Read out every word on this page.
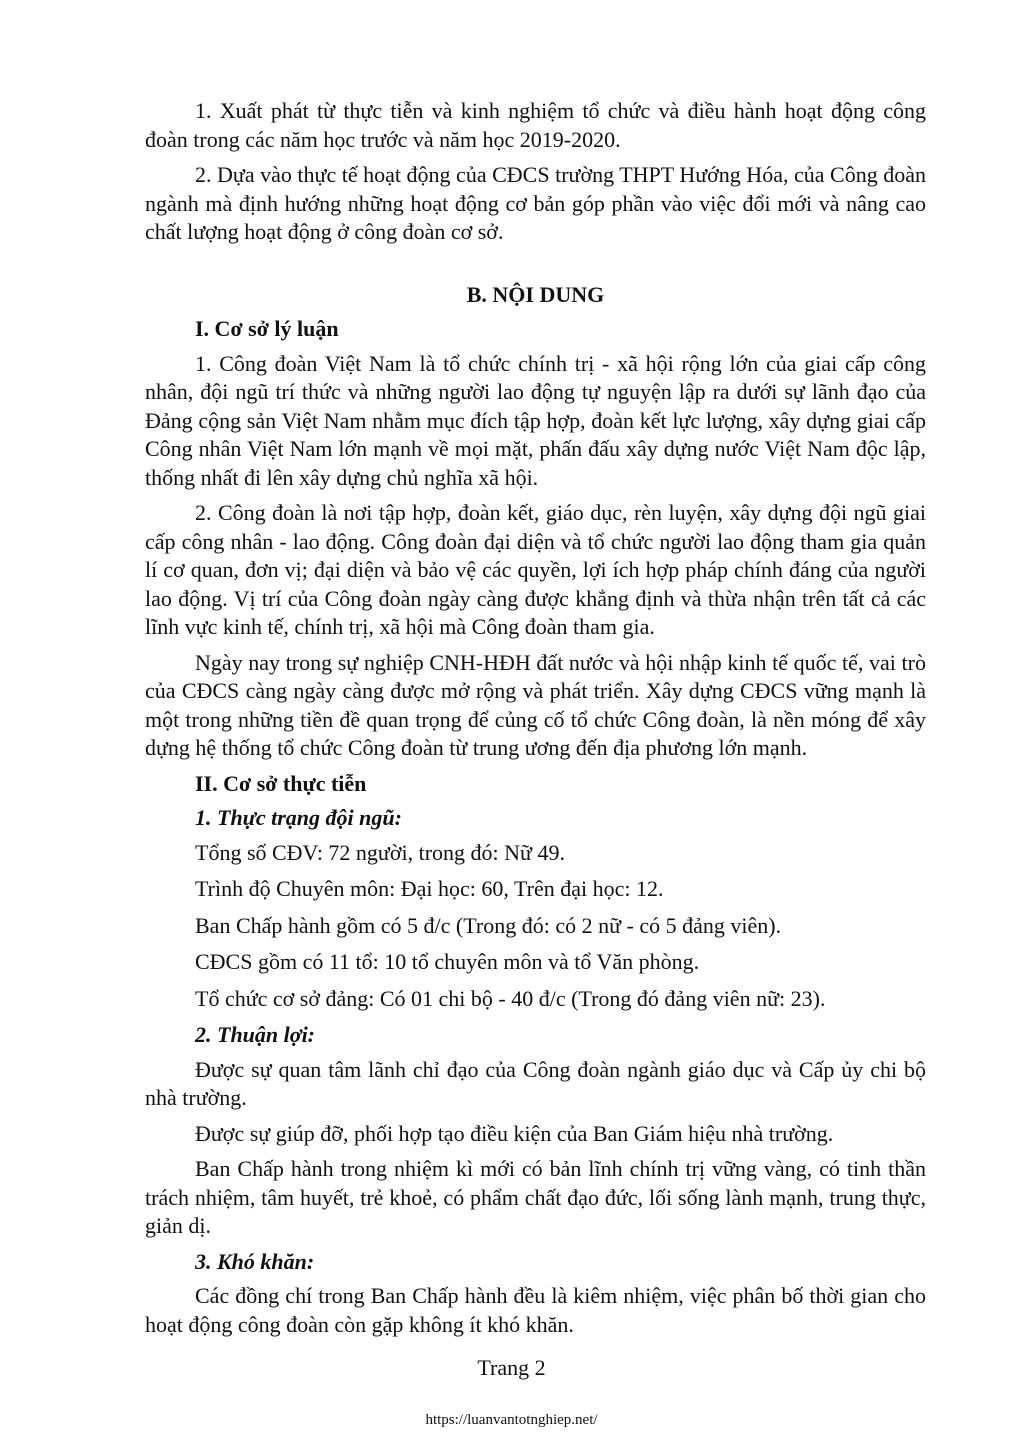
1. Xuất phát từ thực tiễn và kinh nghiệm tổ chức và điều hành hoạt động công đoàn trong các năm học trước và năm học 2019-2020.

2. Dựa vào thực tế hoạt động của CĐCS trường THPT Hướng Hóa, của Công đoàn ngành mà định hướng những hoạt động cơ bản góp phần vào việc đổi mới và nâng cao chất lượng hoạt động ở công đoàn cơ sở.

B. NỘI DUNG
I. Cơ sở lý luận

1. Công đoàn Việt Nam là tổ chức chính trị - xã hội rộng lớn của giai cấp công nhân, đội ngũ trí thức và những người lao động tự nguyện lập ra dưới sự lãnh đạo của Đảng cộng sản Việt Nam nhằm mục đích tập hợp, đoàn kết lực lượng, xây dựng giai cấp Công nhân Việt Nam lớn mạnh về mọi mặt, phấn đấu xây dựng nước Việt Nam độc lập, thống nhất đi lên xây dựng chủ nghĩa xã hội.

2. Công đoàn là nơi tập hợp, đoàn kết, giáo dục, rèn luyện, xây dựng đội ngũ giai cấp công nhân - lao động. Công đoàn đại diện và tổ chức người lao động tham gia quản lí cơ quan, đơn vị; đại diện và bảo vệ các quyền, lợi ích hợp pháp chính đáng của người lao động. Vị trí của Công đoàn ngày càng được khẳng định và thừa nhận trên tất cả các lĩnh vực kinh tế, chính trị, xã hội mà Công đoàn tham gia.

Ngày nay trong sự nghiệp CNH-HĐH đất nước và hội nhập kinh tế quốc tế, vai trò của CĐCS càng ngày càng được mở rộng và phát triển. Xây dựng CĐCS vững mạnh là một trong những tiền đề quan trọng để củng cố tổ chức Công đoàn, là nền móng để xây dựng hệ thống tổ chức Công đoàn từ trung ương đến địa phương lớn mạnh.

II. Cơ sở thực tiễn
1. Thực trạng đội ngũ:
Tổng số CĐV: 72 người, trong đó: Nữ 49.
Trình độ Chuyên môn: Đại học: 60, Trên đại học: 12.
Ban Chấp hành gồm có 5 đ/c (Trong đó: có 2 nữ - có 5 đảng viên).
CĐCS gồm có 11 tổ: 10 tổ chuyên môn và tổ Văn phòng.
Tổ chức cơ sở đảng: Có 01 chi bộ - 40 đ/c (Trong đó đảng viên nữ: 23).
2. Thuận lợi:

Được sự quan tâm lãnh chỉ đạo của Công đoàn ngành giáo dục và Cấp ủy chi bộ nhà trường.

Được sự giúp đỡ, phối hợp tạo điều kiện của Ban Giám hiệu nhà trường.

Ban Chấp hành trong nhiệm kì mới có bản lĩnh chính trị vững vàng, có tinh thần trách nhiệm, tâm huyết, trẻ khoẻ, có phẩm chất đạo đức, lối sống lành mạnh, trung thực, giản dị.

3. Khó khăn:

Các đồng chí trong Ban Chấp hành đều là kiêm nhiệm, việc phân bố thời gian cho hoạt động công đoàn còn gặp không ít khó khăn.

Trang 2
https://luanvantotnghiep.net/
